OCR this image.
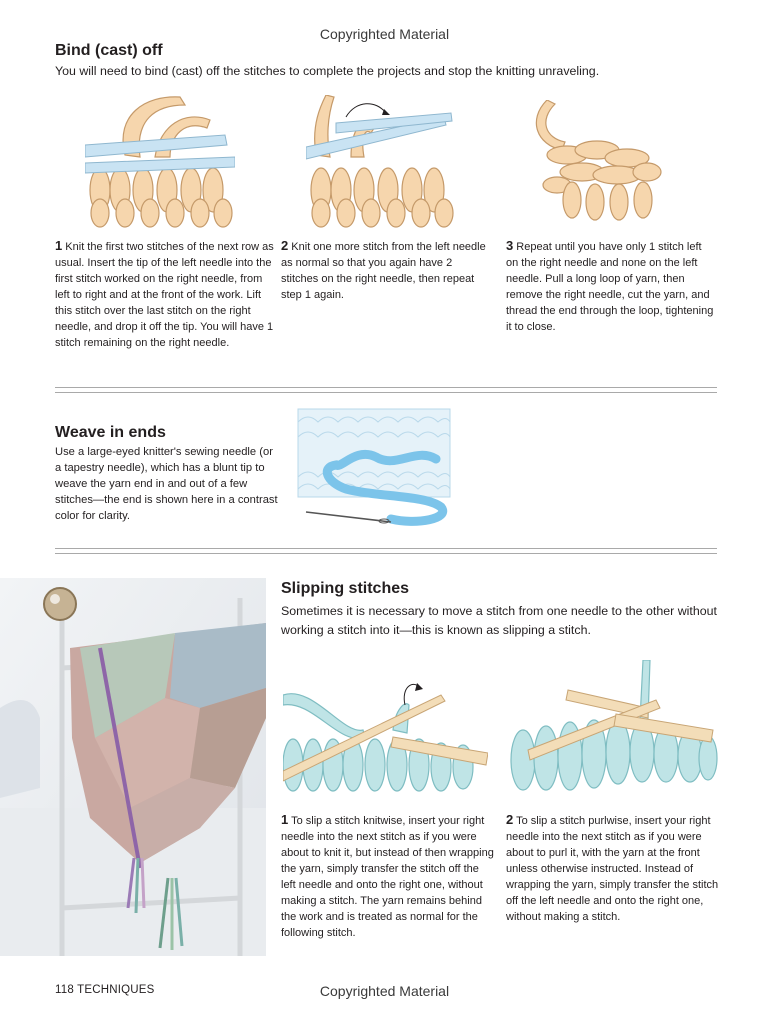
Copyrighted Material
Bind (cast) off
You will need to bind (cast) off the stitches to complete the projects and stop the knitting unraveling.
1 Knit the first two stitches of the next row as usual. Insert the tip of the left needle into the first stitch worked on the right needle, from left to right and at the front of the work. Lift this stitch over the last stitch on the right needle, and drop it off the tip. You will have 1 stitch remaining on the right needle.
2 Knit one more stitch from the left needle as normal so that you again have 2 stitches on the right needle, then repeat step 1 again.
3 Repeat until you have only 1 stitch left on the right needle and none on the left needle. Pull a long loop of yarn, then remove the right needle, cut the yarn, and thread the end through the loop, tightening it to close.
Weave in ends
Use a large-eyed knitter's sewing needle (or a tapestry needle), which has a blunt tip to weave the yarn end in and out of a few stitches—the end is shown here in a contrast color for clarity.
Slipping stitches
Sometimes it is necessary to move a stitch from one needle to the other without working a stitch into it—this is known as slipping a stitch.
1 To slip a stitch knitwise, insert your right needle into the next stitch as if you were about to knit it, but instead of then wrapping the yarn, simply transfer the stitch off the left needle and onto the right one, without making a stitch. The yarn remains behind the work and is treated as normal for the following stitch.
2 To slip a stitch purlwise, insert your right needle into the next stitch as if you were about to purl it, with the yarn at the front unless otherwise instructed. Instead of wrapping the yarn, simply transfer the stitch off the left needle and onto the right one, without making a stitch.
118 TECHNIQUES	Copyrighted Material
